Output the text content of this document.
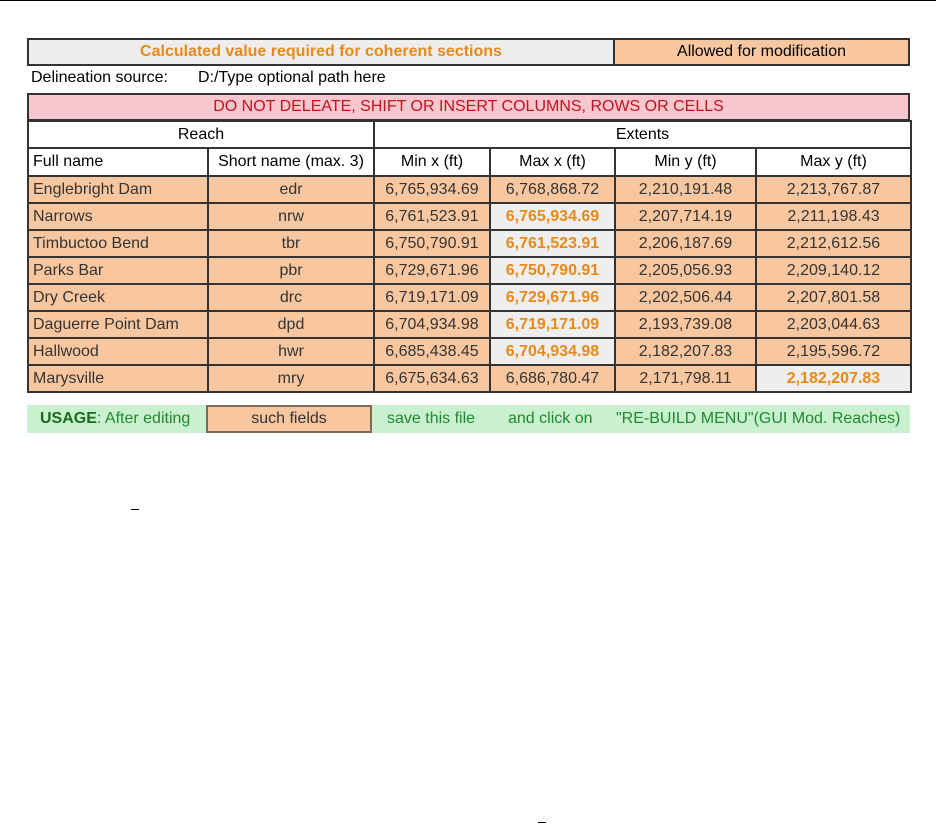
Calculated value required for coherent sections	Allowed for modification
Delineation source: D:/Type optional path here
DO NOT DELEATE, SHIFT OR INSERT COLUMNS, ROWS OR CELLS
Reach		Extents			
Full name	Short name (max. 3)	Min x (ft)	Max x (ft)	Min y (ft)	Max y (ft)
Englebright Dam	edr	6,765,934.69	6,768,868.72	2,210,191.48	2,213,767.87
Narrows	nrw	6,761,523.91	6,765,934.69	2,207,714.19	2,211,198.43
Timbuctoo Bend	tbr	6,750,790.91	6,761,523.91	2,206,187.69	2,212,612.56
Parks Bar	pbr	6,729,671.96	6,750,790.91	2,205,056.93	2,209,140.12
Dry Creek	drc	6,719,171.09	6,729,671.96	2,202,506.44	2,207,801.58
Daguerre Point Dam	dpd	6,704,934.98	6,719,171.09	2,193,739.08	2,203,044.63
Hallwood	hwr	6,685,438.45	6,704,934.98	2,182,207.83	2,195,596.72
Marysville	mry	6,675,634.63	6,686,780.47	2,171,798.11	2,182,207.83
USAGE : After editing	such fields	save this file and click on "RE-BUILD MENU"(GUI Mod. Reaches)
